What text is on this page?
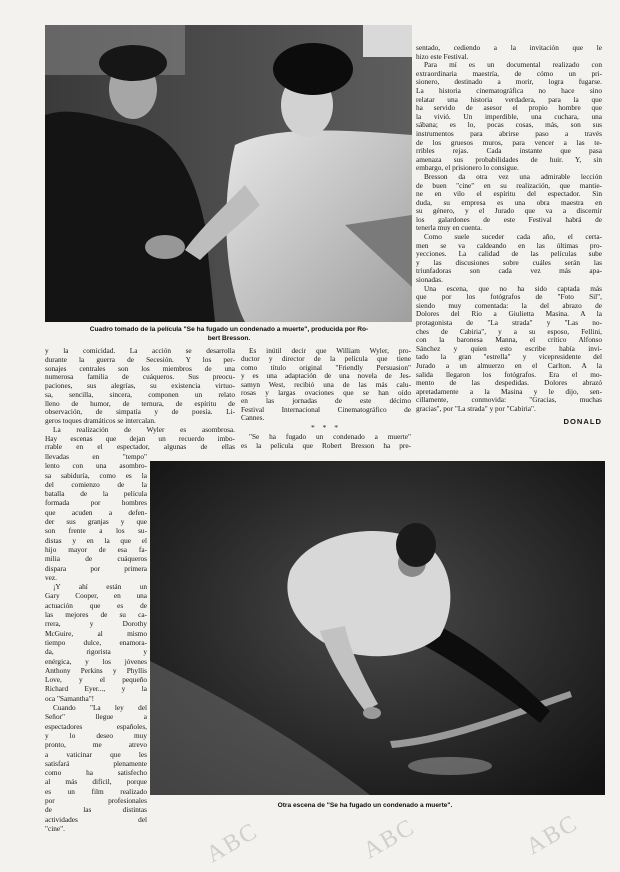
Cuadro tomado de la película "Se ha fugado un condenado a muerte", producida por Ro-
bert Bresson.
sentado, cediendo a la invitación que le
hizo este Festival.
Para mí es un documental realizado con
extraordinaria maestría, de cómo un pri-
sionero, destinado a morir, logra fugarse.
La historia cinematográfica no hace sino
relatar una historia verdadera, para la que
ha servido de asesor el propio hombre que
la vivió. Un imperdible, una cuchara, una
sábana; es lo, pocas cosas, más, son sus
instrumentos para abrirse paso a través
de los gruesos muros, para vencer a las te-
rribles rejas. Cada instante que pasa
amenaza sus probabilidades de huir. Y, sin
embargo, el prisionero lo consigue.
Bresson da otra vez una admirable lección
de buen "cine" en su realización, que mantie-
ne en vilo el espíritu del espectador. Sin
duda, su empresa es una obra maestra en
su género, y el Jurado que va a discernir
los galardones de este Festival habrá de
tenerla muy en cuenta.
Como suele suceder cada año, el certa-
men se va caldeando en las últimas pro-
yecciones. La calidad de las películas sube
y las discusiones sobre cuáles serán las
triunfadoras son cada vez más apa-
sionadas.
Una escena, que no ha sido captada más
que por los fotógrafos de "Foto Sil",
siendo muy comentada: la del abrazo de
Dolores del Río a Giulietta Masina. A la
protagonista de "La strada" y "Las no-
ches de Cabiria", y a su esposo, Fellini,
con la baronesa Manna, el crítico Alfonso
Sánchez y quien esto escribe había invi-
tado la gran "estrella" y vicepresidente del
Jurado a un almuerzo en el Carlton. A la
salida llegaron los fotógrafos. Era el mo-
mento de las despedidas. Dolores abrazó
apretadamente a la Masina y le dijo, sen-
cillamente, conmovida: "Gracias, muchas
gracias", por "La strada" y por "Cabiria".
DONALD
y la comicidad. La acción se desarrolla
durante la guerra de Secesión. Y los per-
sonajes centrales son los miembros de una
numerosa familia de cuáqueros. Sus preocu-
paciones, sus alegrías, su existencia virtuo-
sa, sencilla, sincera, componen un relato
lleno de humor, de ternura, de espíritu de
observación, de simpatía y de poesía. Li-
geros toques dramáticos se intercalan.
La realización de Wyler es asombrosa.
Hay escenas que dejan un recuerdo imbo-
rrable en el espectador, algunas de ellas
llevadas en "tempo"
lento con una asombro-
sa sabiduría, como es la
del comienzo de la
batalla de la película
formada por hombres
que acuden a defen-
der sus granjas y que
son frente a los su-
distas y en la que el
hijo mayor de esa fa-
milia de cuáqueros
dispara por primera
vez.
¡Y ahí están un
Gary Cooper, en una
actuación que es de
las mejores de su ca-
rrera, y Dorothy
McGuire, al mismo
tiempo dulce, enamora-
da, rigorista y
enérgica, y los jóvenes
Anthony Perkins y Phyllis
Love, y el pequeño
Richard Eyer..., y la
oca "Samantha"!
Cuando "La ley del
Señor" llegue a
espectadores españoles,
y lo deseo muy
pronto, me atrevo
a vaticinar que les
satisfará plenamente
como ha satisfecho
al más difícil, porque
es un film realizado
por profesionales
de las distintas
actividades del
"cine".
Es inútil decir que William Wyler, pro-
ductor y director de la película que tiene
como título original "Friendly Persuasion"
y es una adaptación de una novela de Jes-
samyn West, recibió una de las más calu-
rosas y largas ovaciones que se han oído
en las jornadas de este décimo
Festival Internacional Cinematográfico de
Cannes.
* * *
"Se ha fugado un condenado a muerte"
es la película que Robert Bresson ha pre-
Otra escena de "Se ha fugado un condenado a muerte".
ABC	ABC	ABC
